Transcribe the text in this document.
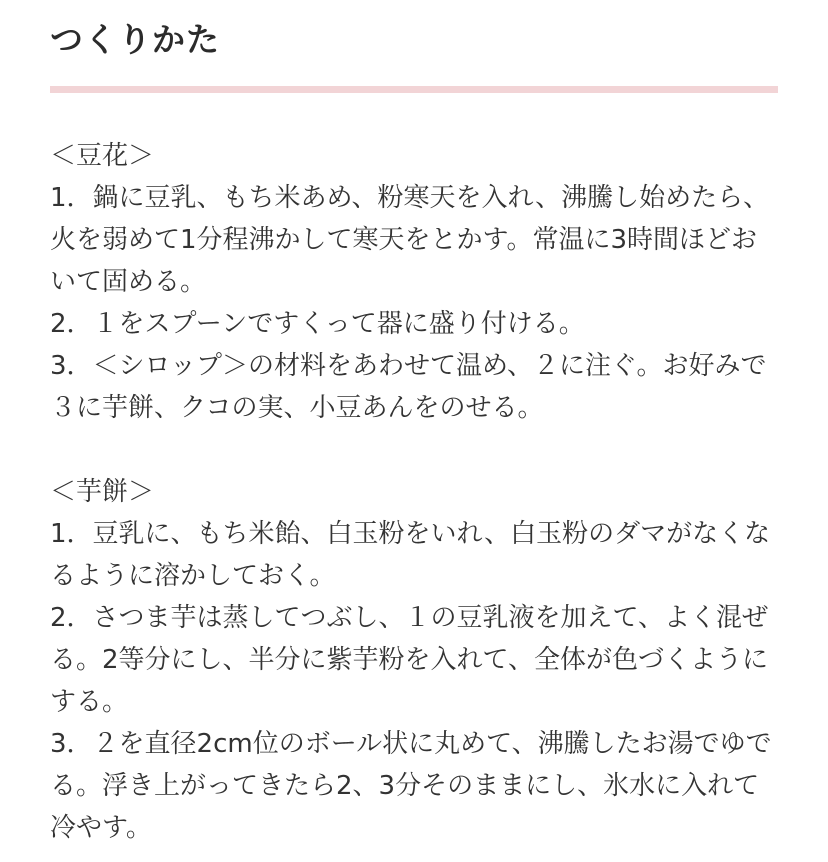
つくりかた
＜豆花＞
1．鍋に豆乳、もち米あめ、粉寒天を入れ、沸騰し始めたら、火を弱めて1分程沸かして寒天をとかす。常温に3時間ほどおいて固める。
2．１をスプーンですくって器に盛り付ける。
3．＜シロップ＞の材料をあわせて温め、２に注ぐ。お好みで３に芋餅、クコの実、小豆あんをのせる。
＜芋餅＞
1．豆乳に、もち米飴、白玉粉をいれ、白玉粉のダマがなくなるように溶かしておく。
2．さつま芋は蒸してつぶし、１の豆乳液を加えて、よく混ぜる。2等分にし、半分に紫芋粉を入れて、全体が色づくようにする。
3．２を直径2cm位のボール状に丸めて、沸騰したお湯でゆでる。浮き上がってきたら2、3分そのままにし、氷水に入れて冷やす。
